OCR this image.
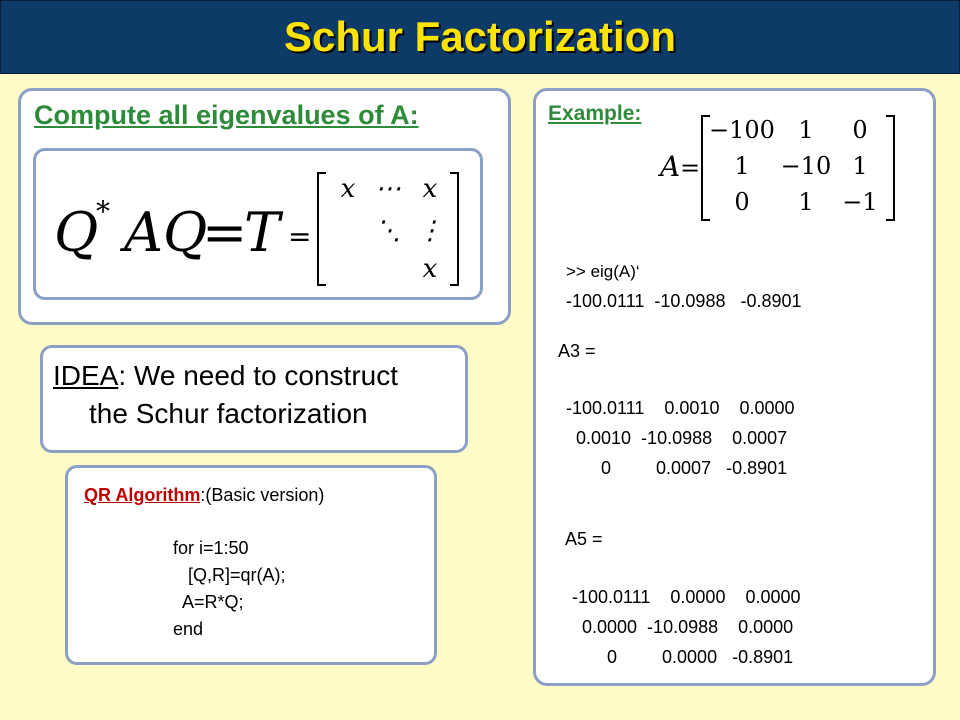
Schur Factorization
Compute all eigenvalues of A:
Q
* AQ
=
T =
x ⋯ x
⋱ ⋮
x
IDEA: We need to construct
the Schur factorization
QR Algorithm:(Basic version)
for i=1:50
[Q,R]=qr(A);
A=R*Q;
end
Example:
A =
−100 1 0
1 −10 1
0 1 −1
>> eig(A)‘
-100.0111  -10.0988   -0.8901
A3 =
-100.0111    0.0010    0.0000
0.0010  -10.0988    0.0007
0         0.0007   -0.8901
A5 =
-100.0111    0.0000    0.0000
0.0000  -10.0988    0.0000
0         0.0000   -0.8901
